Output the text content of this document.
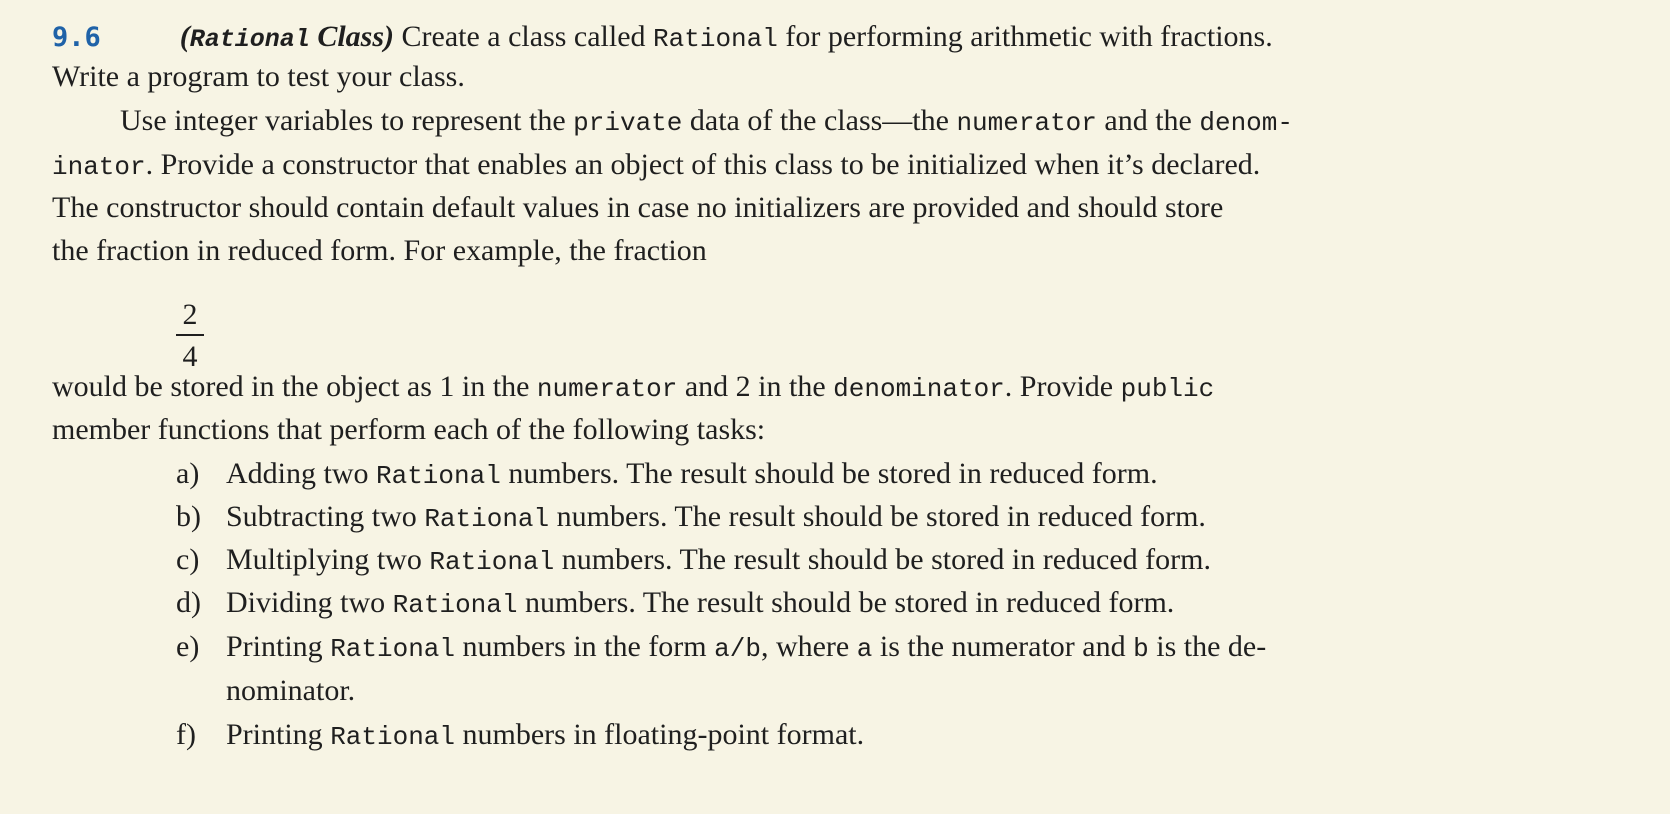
9.6	(Rational Class) Create a class called Rational for performing arithmetic with fractions.
Write a program to test your class.
Use integer variables to represent the private data of the class—the numerator and the denom-
inator. Provide a constructor that enables an object of this class to be initialized when it’s declared.
The constructor should contain default values in case no initializers are provided and should store
the fraction in reduced form. For example, the fraction
2
4
would be stored in the object as 1 in the numerator and 2 in the denominator. Provide public
member functions that perform each of the following tasks:
a) Adding two Rational numbers. The result should be stored in reduced form.
b) Subtracting two Rational numbers. The result should be stored in reduced form.
c) Multiplying two Rational numbers. The result should be stored in reduced form.
d) Dividing two Rational numbers. The result should be stored in reduced form.
e) Printing Rational numbers in the form a/b, where a is the numerator and b is the de-
nominator.
f) Printing Rational numbers in floating-point format.
